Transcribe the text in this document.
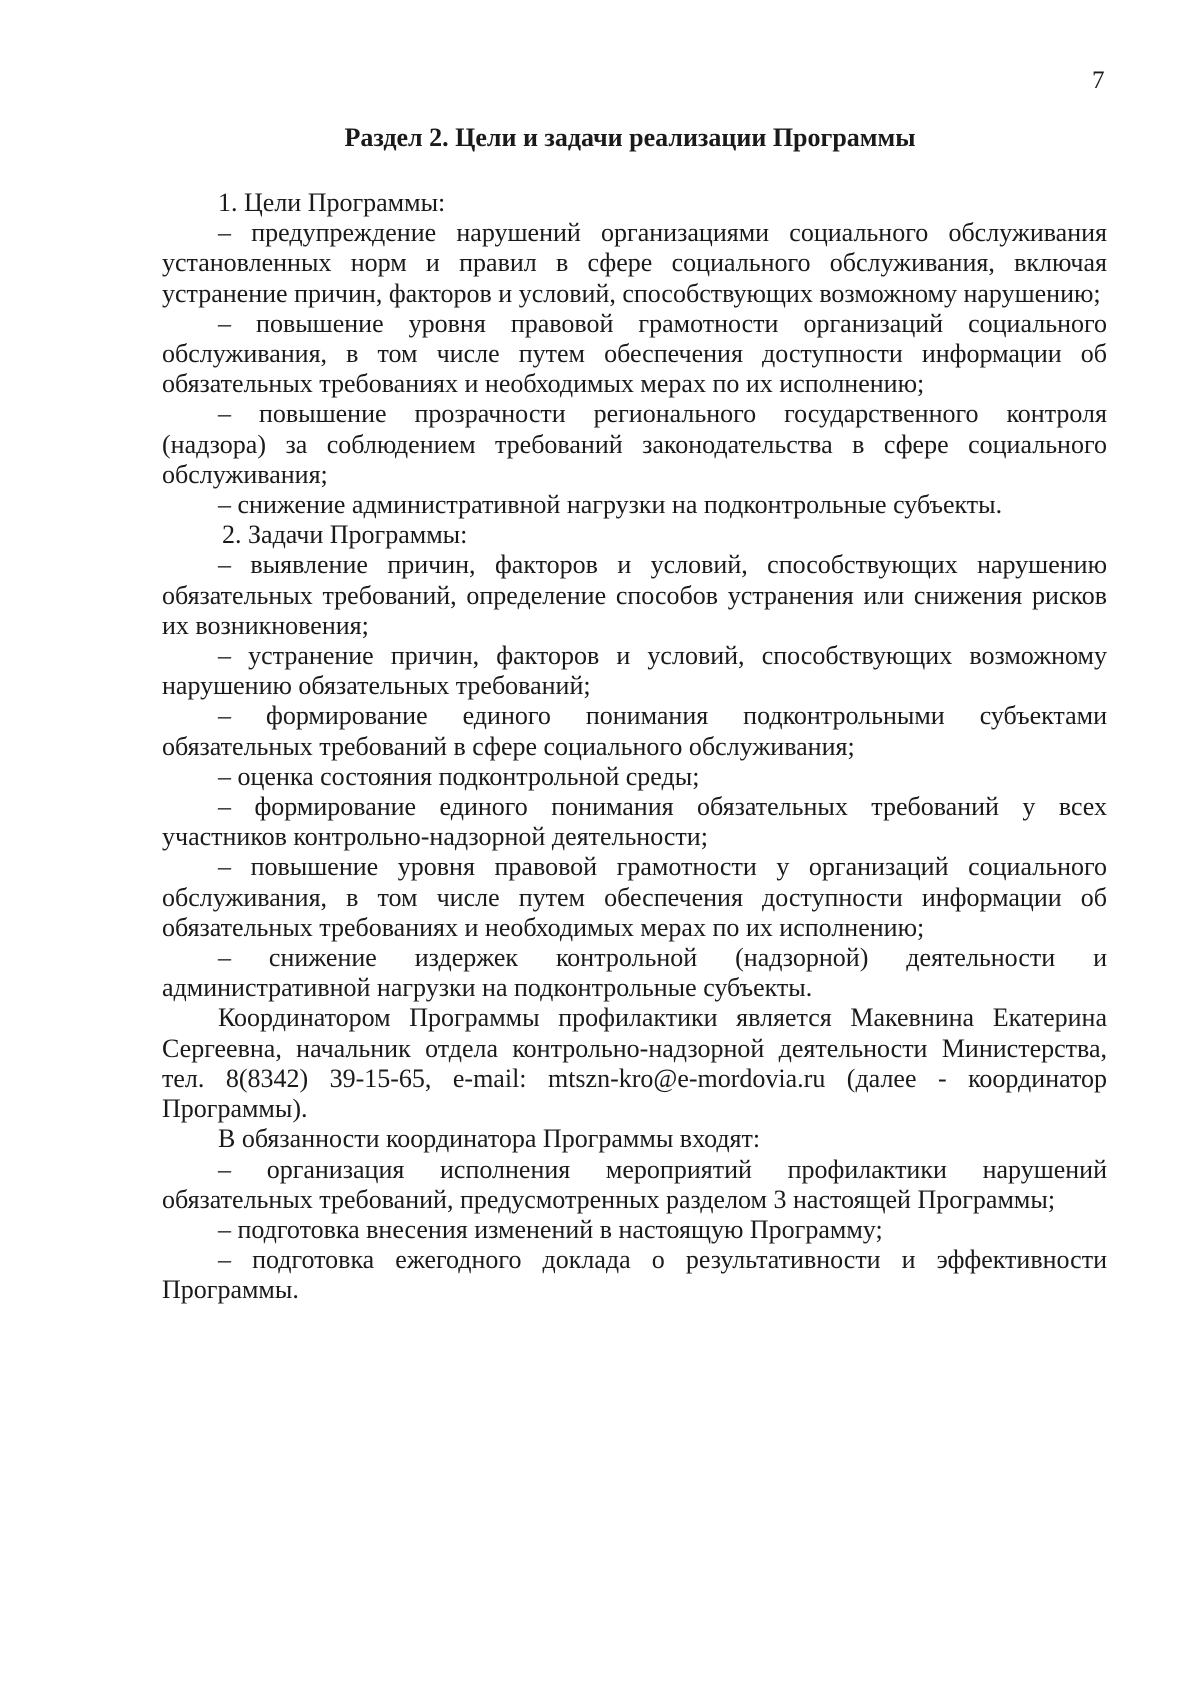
7
Раздел 2. Цели и задачи реализации Программы

1. Цели Программы:

– предупреждение нарушений организациями социального обслуживания установленных норм и правил в сфере социального обслуживания, включая устранение причин, факторов и условий, способствующих возможному нарушению;

– повышение уровня правовой грамотности организаций социального обслуживания, в том числе путем обеспечения доступности информации об обязательных требованиях и необходимых мерах по их исполнению;

– повышение прозрачности регионального государственного контроля (надзора) за соблюдением требований законодательства в сфере социального обслуживания;

– снижение административной нагрузки на подконтрольные субъекты.

2. Задачи Программы:

– выявление причин, факторов и условий, способствующих нарушению обязательных требований, определение способов устранения или снижения рисков их возникновения;

– устранение причин, факторов и условий, способствующих возможному нарушению обязательных требований;

– формирование единого понимания подконтрольными субъектами обязательных требований в сфере социального обслуживания;

– оценка состояния подконтрольной среды;

– формирование единого понимания обязательных требований у всех участников контрольно-надзорной деятельности;

– повышение уровня правовой грамотности у организаций социального обслуживания, в том числе путем обеспечения доступности информации об обязательных требованиях и необходимых мерах по их исполнению;

– снижение издержек контрольной (надзорной) деятельности и административной нагрузки на подконтрольные субъекты.

Координатором Программы профилактики является Макевнина Екатерина Сергеевна, начальник отдела контрольно-надзорной деятельности Министерства, тел. 8(8342) 39-15-65, e-mail: mtszn-kro@e-mordovia.ru (далее - координатор Программы).

В обязанности координатора Программы входят:

– организация исполнения мероприятий профилактики нарушений обязательных требований, предусмотренных разделом 3 настоящей Программы;

– подготовка внесения изменений в настоящую Программу;

– подготовка ежегодного доклада о результативности и эффективности Программы.
